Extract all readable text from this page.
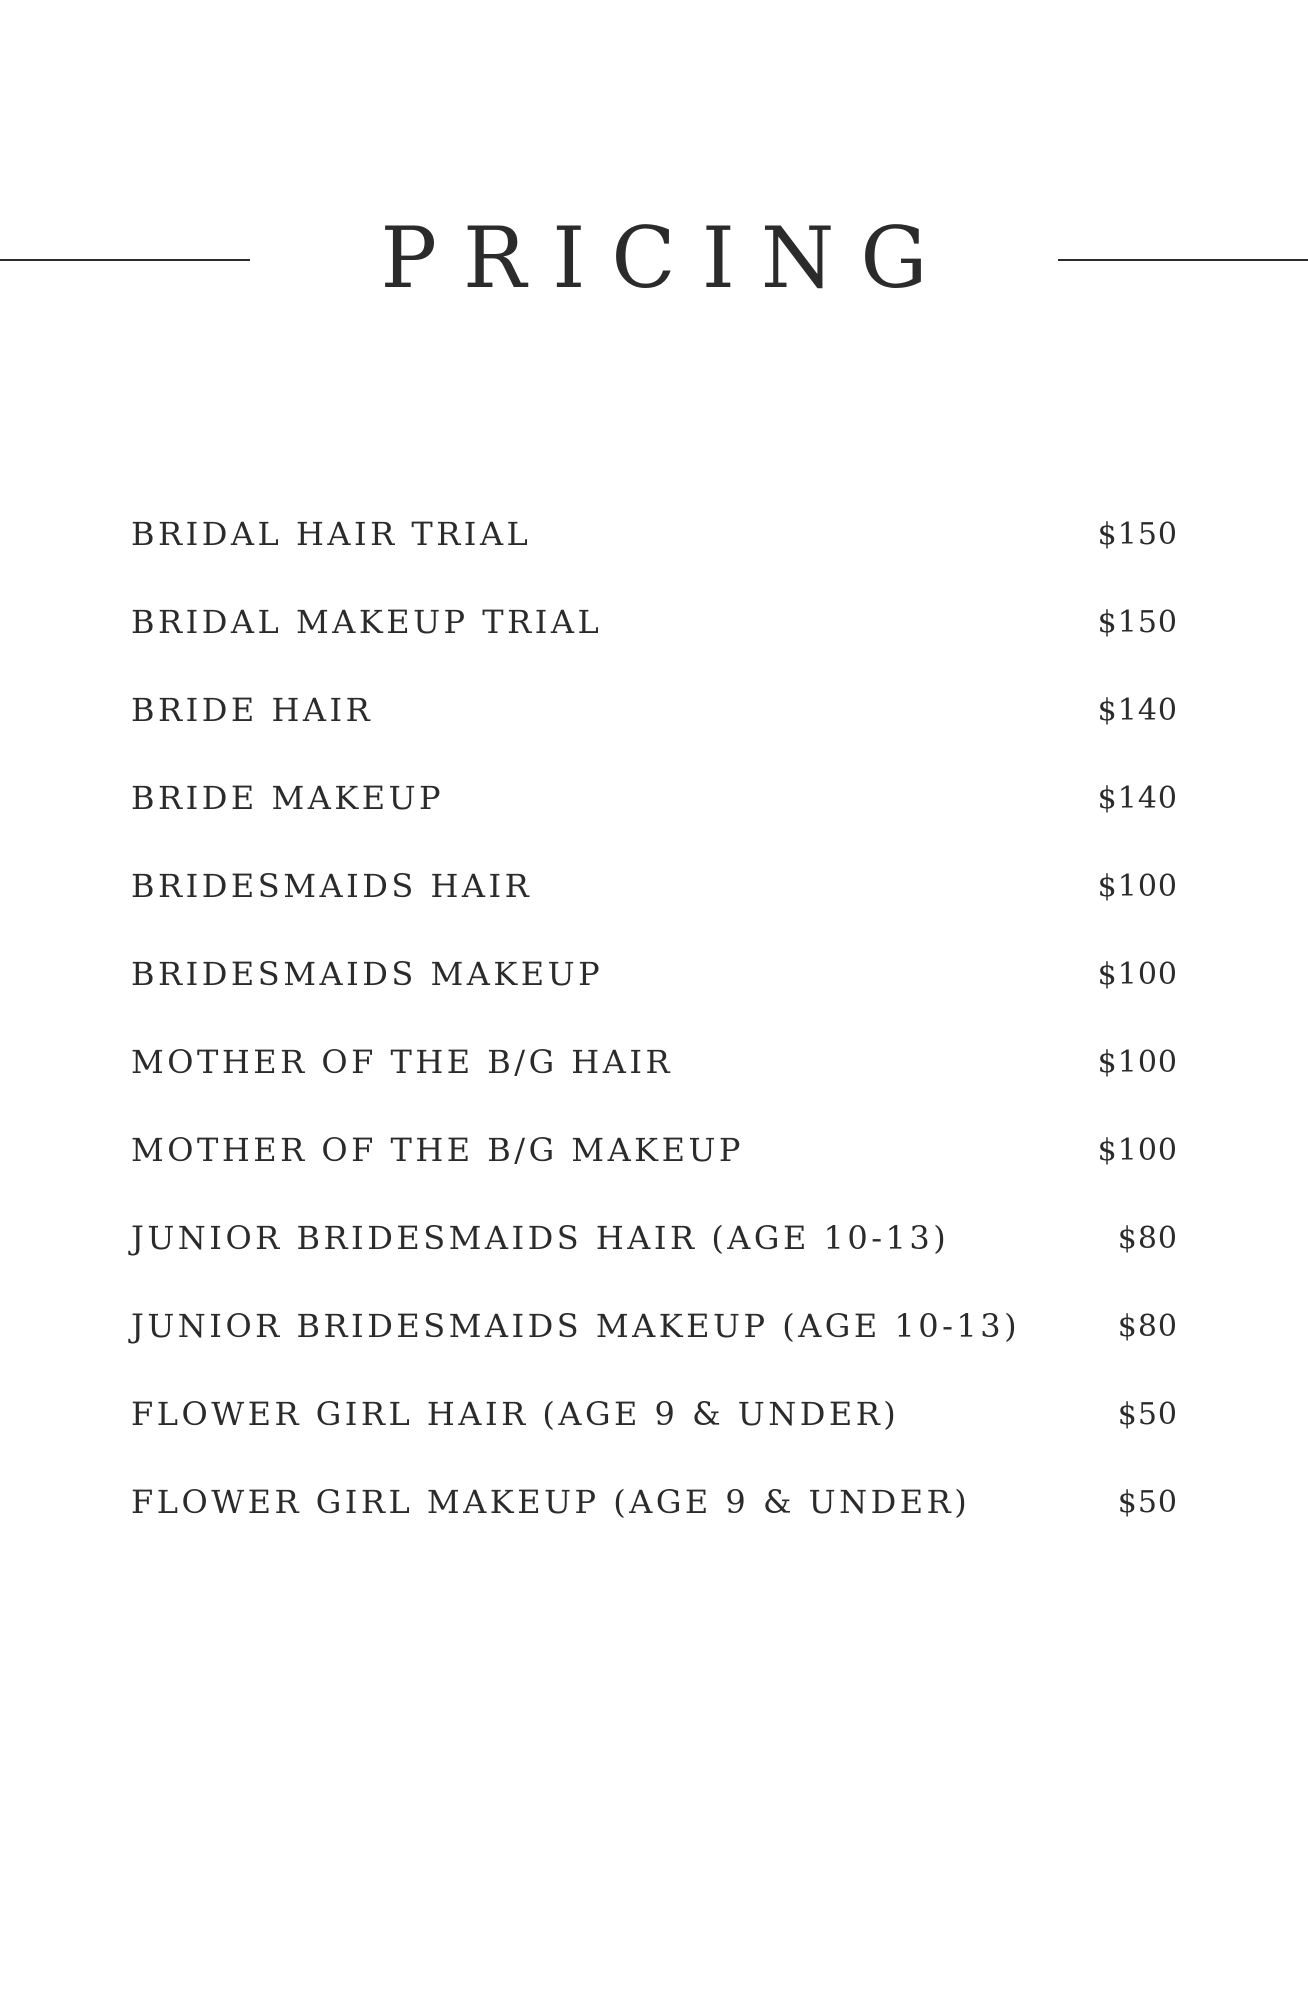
PRICING
BRIDAL HAIR TRIAL	$150
BRIDAL MAKEUP TRIAL	$150
BRIDE HAIR	$140
BRIDE MAKEUP	$140
BRIDESMAIDS HAIR	$100
BRIDESMAIDS MAKEUP	$100
MOTHER OF THE B/G HAIR	$100
MOTHER OF THE B/G MAKEUP	$100
JUNIOR BRIDESMAIDS HAIR (AGE 10-13)	$80
JUNIOR BRIDESMAIDS MAKEUP (AGE 10-13)	$80
FLOWER GIRL HAIR (AGE 9 & UNDER)	$50
FLOWER GIRL MAKEUP (AGE 9 & UNDER)	$50
